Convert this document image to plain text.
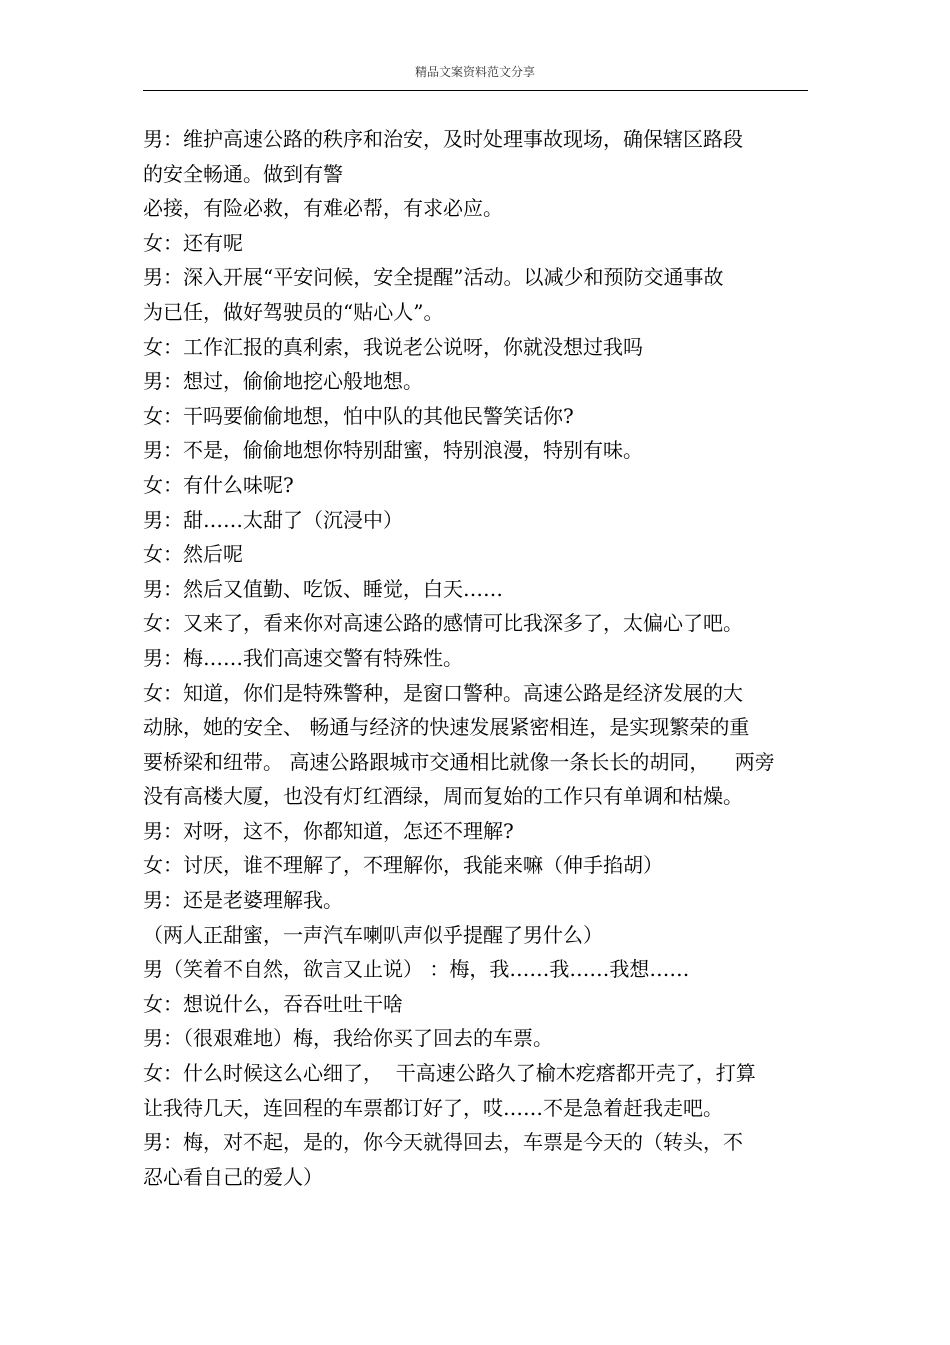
精品文案资料范文分享
男：维护高速公路的秩序和治安，及时处理事故现场，确保辖区路段
的安全畅通。做到有警
必接，有险必救，有难必帮，有求必应。
女：还有呢
男：深入开展“平安问候，安全提醒”活动。以减少和预防交通事故
为已任，做好驾驶员的“贴心人”。
女：工作汇报的真利索，我说老公说呀，你就没想过我吗
男：想过，偷偷地挖心般地想。
女：干吗要偷偷地想，怕中队的其他民警笑话你?
男：不是，偷偷地想你特别甜蜜，特别浪漫，特别有味。
女：有什么味呢?
男：甜……太甜了（沉浸中）
女：然后呢
男：然后又值勤、吃饭、睡觉，白天……
女：又来了，看来你对高速公路的感情可比我深多了，太偏心了吧。
男：梅……我们高速交警有特殊性。
女：知道，你们是特殊警种，是窗口警种。高速公路是经济发展的大
动脉，她的安全、 畅通与经济的快速发展紧密相连，是实现繁荣的重
要桥梁和纽带。 高速公路跟城市交通相比就像一条长长的胡同，    两旁
没有高楼大厦，也没有灯红酒绿，周而复始的工作只有单调和枯燥。
男：对呀，这不，你都知道，怎还不理解?
女：讨厌，谁不理解了，不理解你，我能来嘛（伸手掐胡）
男：还是老婆理解我。
（两人正甜蜜，一声汽车喇叭声似乎提醒了男什么）
男（笑着不自然，欲言又止说） ：梅，我……我……我想……
女：想说什么，吞吞吐吐干啥
男：（很艰难地）梅，我给你买了回去的车票。
女：什么时候这么心细了，  干高速公路久了榆木疙瘩都开壳了，打算
让我待几天，连回程的车票都订好了，哎……不是急着赶我走吧。
男：梅，对不起，是的，你今天就得回去，车票是今天的（转头，不
忍心看自己的爱人）
